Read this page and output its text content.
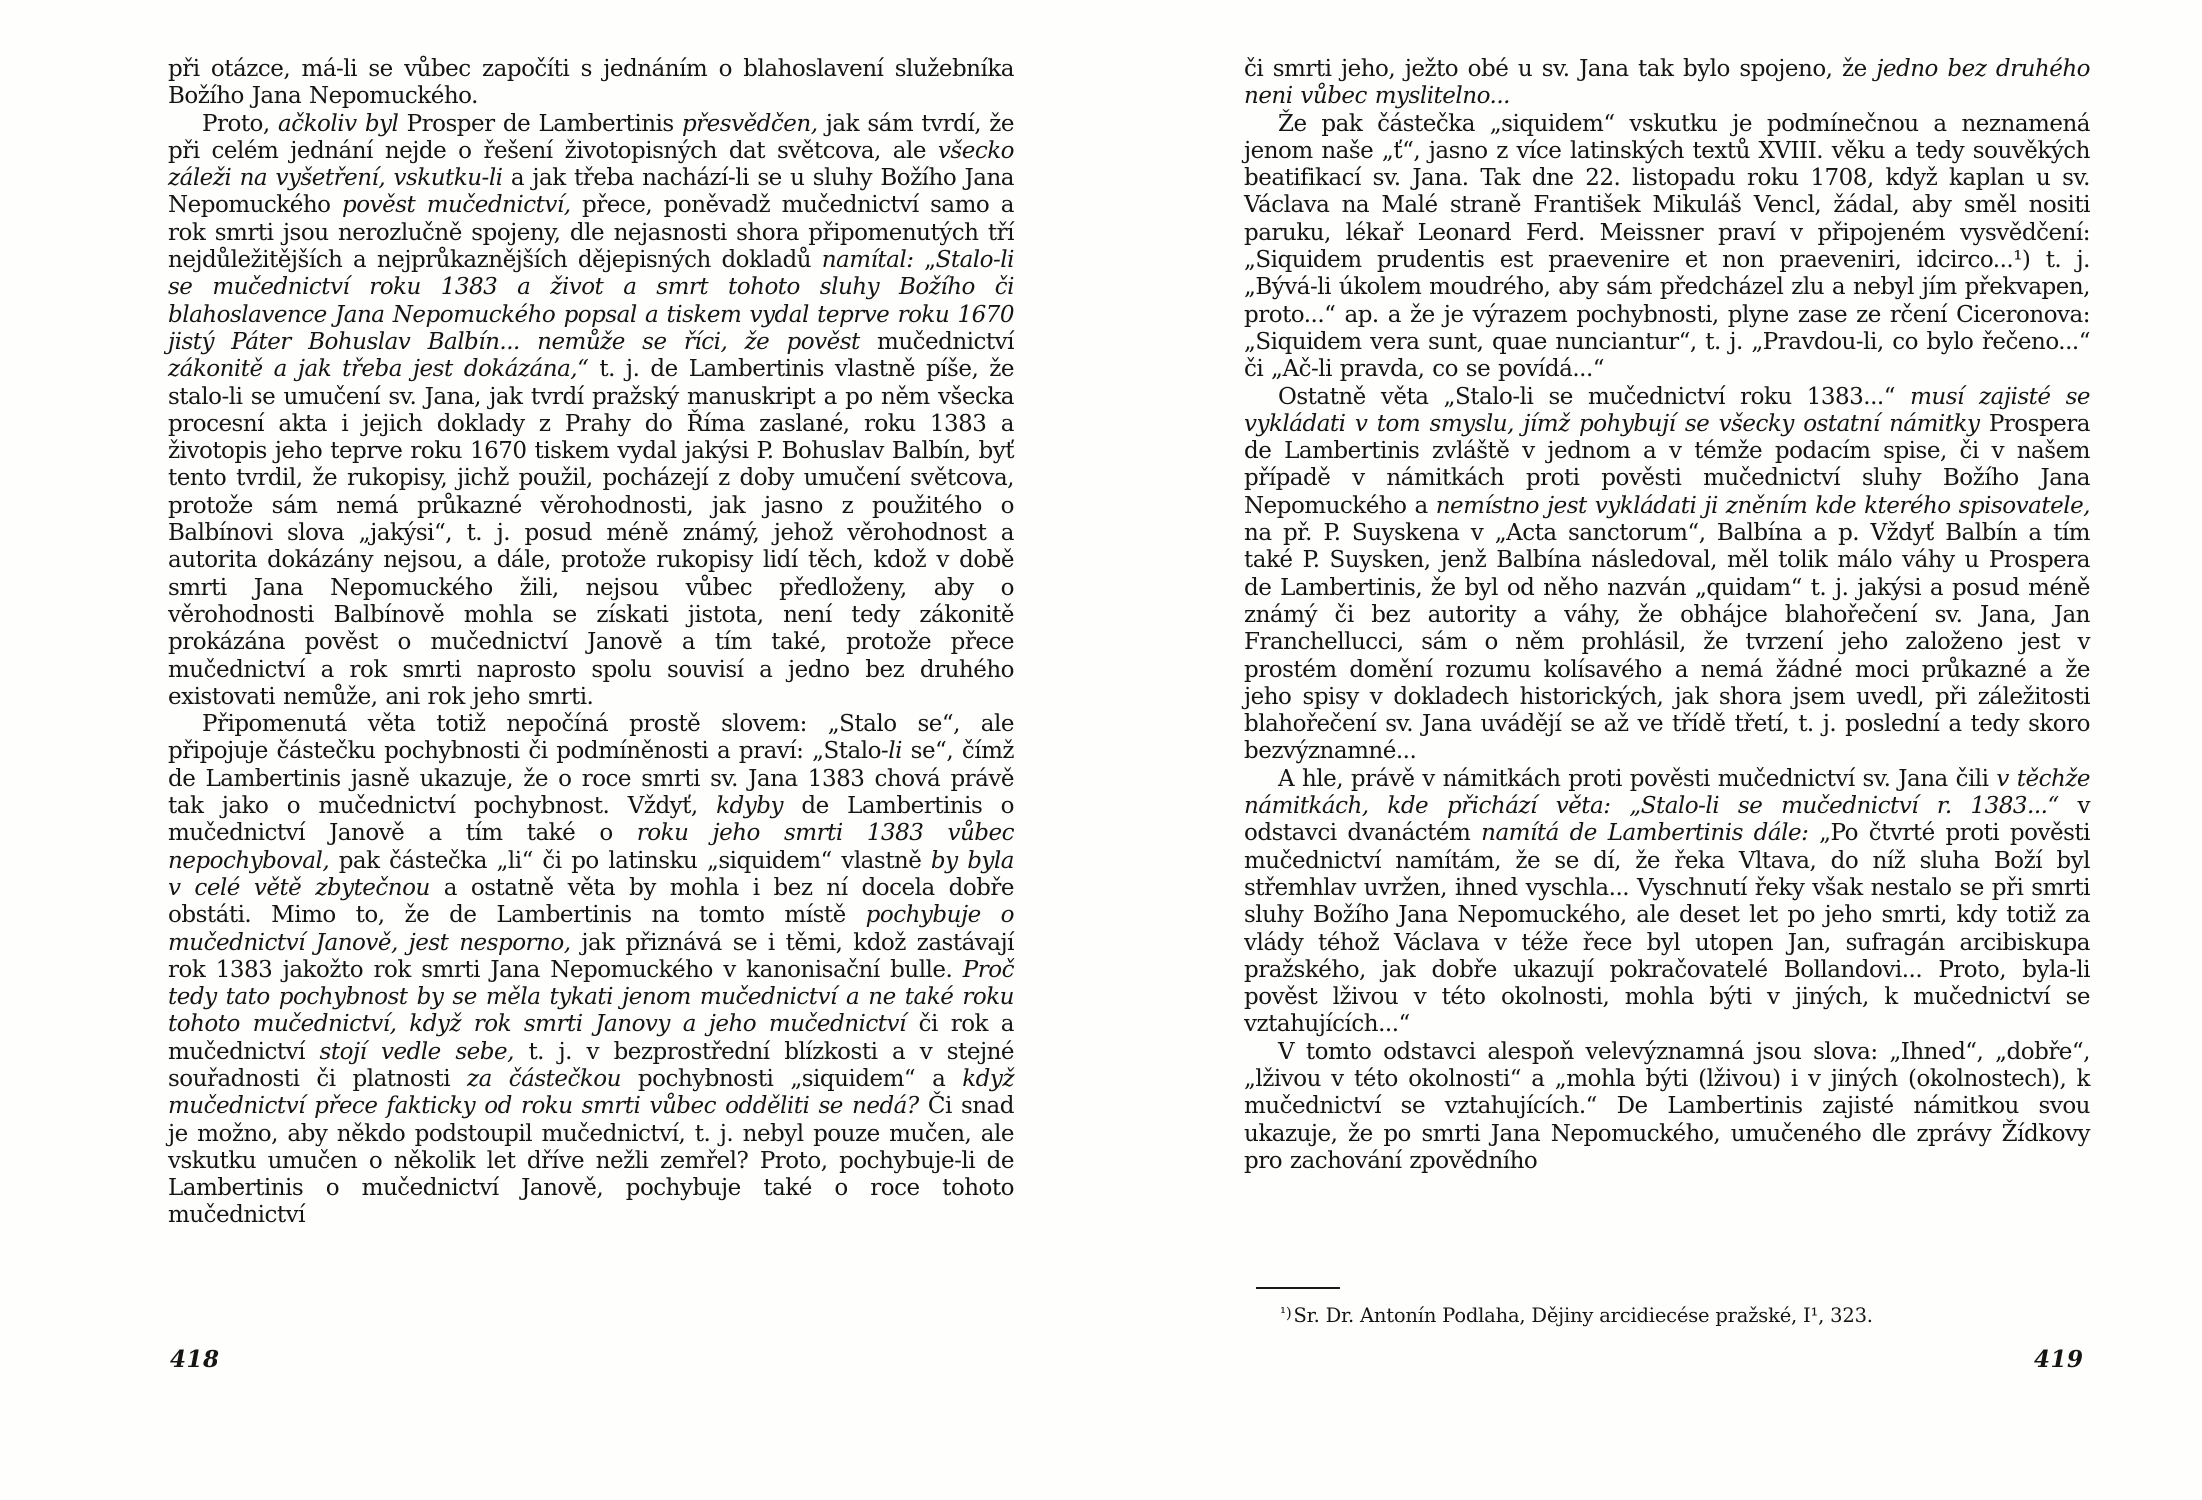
při otázce, má-li se vůbec započíti s jednáním o blahoslavení služebníka Božího Jana Nepomuckého.

Proto, ačkoliv byl Prosper de Lambertinis přesvědčen, jak sám tvrdí, že při celém jednání nejde o řešení životopisných dat světcova, ale všecko záleži na vyšetření, vskutku-li a jak třeba nachází-li se u sluhy Božího Jana Nepomuckého pověst mučednictví, přece, poněvadž mučednictví samo a rok smrti jsou nerozlučně spojeny, dle nejasnosti shora připomenutých tří nejdůležitějších a nejprůkaznějších dějepisných dokladů namítal: „Stalo-li se mučednictví roku 1383 a život a smrt tohoto sluhy Božího či blahoslavence Jana Nepomuckého popsal a tiskem vydal teprve roku 1670 jistý Páter Bohuslav Balbín... nemůže se říci, že pověst mučednictví zákonitě a jak třeba jest dokázána,“ t. j. de Lambertinis vlastně píše, že stalo-li se umučení sv. Jana, jak tvrdí pražský manuskript a po něm všecka procesní akta i jejich doklady z Prahy do Říma zaslané, roku 1383 a životopis jeho teprve roku 1670 tiskem vydal jakýsi P. Bohuslav Balbín, byť tento tvrdil, že rukopisy, jichž použil, pocházejí z doby umučení světcova, protože sám nemá průkazné věrohodnosti, jak jasno z použitého o Balbínovi slova „jakýsi“, t. j. posud méně známý, jehož věrohodnost a autorita dokázány nejsou, a dále, protože rukopisy lidí těch, kdož v době smrti Jana Nepomuckého žili, nejsou vůbec předloženy, aby o věrohodnosti Balbínově mohla se získati jistota, není tedy zákonitě prokázána pověst o mučednictví Janově a tím také, protože přece mučednictví a rok smrti naprosto spolu souvisí a jedno bez druhého existovati nemůže, ani rok jeho smrti.

Připomenutá věta totiž nepočíná prostě slovem: „Stalo se“, ale připojuje částečku pochybnosti či podmíněnosti a praví: „Stalo-li se“, čímž de Lambertinis jasně ukazuje, že o roce smrti sv. Jana 1383 chová právě tak jako o mučednictví pochybnost. Vždyť, kdyby de Lambertinis o mučednictví Janově a tím také o roku jeho smrti 1383 vůbec nepochyboval, pak částečka „li“ či po latinsku „siquidem“ vlastně by byla v celé větě zbytečnou a ostatně věta by mohla i bez ní docela dobře obstáti. Mimo to, že de Lambertinis na tomto místě pochybuje o mučednictví Janově, jest nesporno, jak přiznává se i těmi, kdož zastávají rok 1383 jakožto rok smrti Jana Nepomuckého v kanonisační bulle. Proč tedy tato pochybnost by se měla tykati jenom mučednictví a ne také roku tohoto mučednictví, když rok smrti Janovy a jeho mučednictví či rok a mučednictví stojí vedle sebe, t. j. v bezprostřední blízkosti a v stejné souřadnosti či platnosti za částečkou pochybnosti „siquidem“ a když mučednictví přece fakticky od roku smrti vůbec odděliti se nedá? Či snad je možno, aby někdo podstoupil mučednictví, t. j. nebyl pouze mučen, ale vskutku umučen o několik let dříve nežli zemřel? Proto, pochybuje-li de Lambertinis o mučednictví Janově, pochybuje také o roce tohoto mučednictví

či smrti jeho, ježto obé u sv. Jana tak bylo spojeno, že jedno bez druhého neni vůbec myslitelno...

Že pak částečka „siquidem“ vskutku je podmínečnou a neznamená jenom naše „ť“, jasno z více latinských textů XVIII. věku a tedy souvěkých beatifikací sv. Jana. Tak dne 22. listopadu roku 1708, když kaplan u sv. Václava na Malé straně František Mikuláš Vencl, žádal, aby směl nositi paruku, lékař Leonard Ferd. Meissner praví v připojeném vysvědčení: „Siquidem prudentis est praevenire et non praeveniri, idcirco...¹) t. j. „Bývá-li úkolem moudrého, aby sám předcházel zlu a nebyl jím překvapen, proto...“ ap. a že je výrazem pochybnosti, plyne zase ze rčení Ciceronova: „Siquidem vera sunt, quae nunciantur“, t. j. „Pravdou-li, co bylo řečeno...“ či „Ač-li pravda, co se povídá...“

Ostatně věta „Stalo-li se mučednictví roku 1383...“ musí zajisté se vykládati v tom smyslu, jímž pohybují se všecky ostatní námitky Prospera de Lambertinis zvláště v jednom a v témže podacím spise, či v našem případě v námitkách proti pověsti mučednictví sluhy Božího Jana Nepomuckého a nemístno jest vykládati ji zněním kde kterého spisovatele, na př. P. Suyskena v „Acta sanctorum“, Balbína a p. Vždyť Balbín a tím také P. Suysken, jenž Balbína následoval, měl tolik málo váhy u Prospera de Lambertinis, že byl od něho nazván „quidam“ t. j. jakýsi a posud méně známý či bez autority a váhy, že obhájce blahořečení sv. Jana, Jan Franchellucci, sám o něm prohlásil, že tvrzení jeho založeno jest v prostém domění rozumu kolísavého a nemá žádné moci průkazné a že jeho spisy v dokladech historických, jak shora jsem uvedl, při záležitosti blahořečení sv. Jana uvádějí se až ve třídě třetí, t. j. poslední a tedy skoro bezvýznamné...

A hle, právě v námitkách proti pověsti mučednictví sv. Jana čili v těchže námitkách, kde přichází věta: „Stalo-li se mučednictví r. 1383...“ v odstavci dvanáctém namítá de Lambertinis dále: „Po čtvrté proti pověsti mučednictví namítám, že se dí, že řeka Vltava, do níž sluha Boží byl střemhlav uvržen, ihned vyschla... Vyschnutí řeky však nestalo se při smrti sluhy Božího Jana Nepomuckého, ale deset let po jeho smrti, kdy totiž za vlády téhož Václava v téže řece byl utopen Jan, sufragán arcibiskupa pražského, jak dobře ukazují pokračovatelé Bollandovi... Proto, byla-li pověst lživou v této okolnosti, mohla býti v jiných, k mučednictví se vztahujících...“

V tomto odstavci alespoň velevýznamná jsou slova: „Ihned“, „dobře“, „lživou v této okolnosti“ a „mohla býti (lživou) i v jiných (okolnostech), k mučednictví se vztahujících.“ De Lambertinis zajisté námitkou svou ukazuje, že po smrti Jana Nepomuckého, umučeného dle zprávy Žídkovy pro zachování zpovědního

$^{^1)}$ Sr. Dr. Antonín Podlaha, Dějiny arcidiecése pražské, I¹, 323.
418	419
